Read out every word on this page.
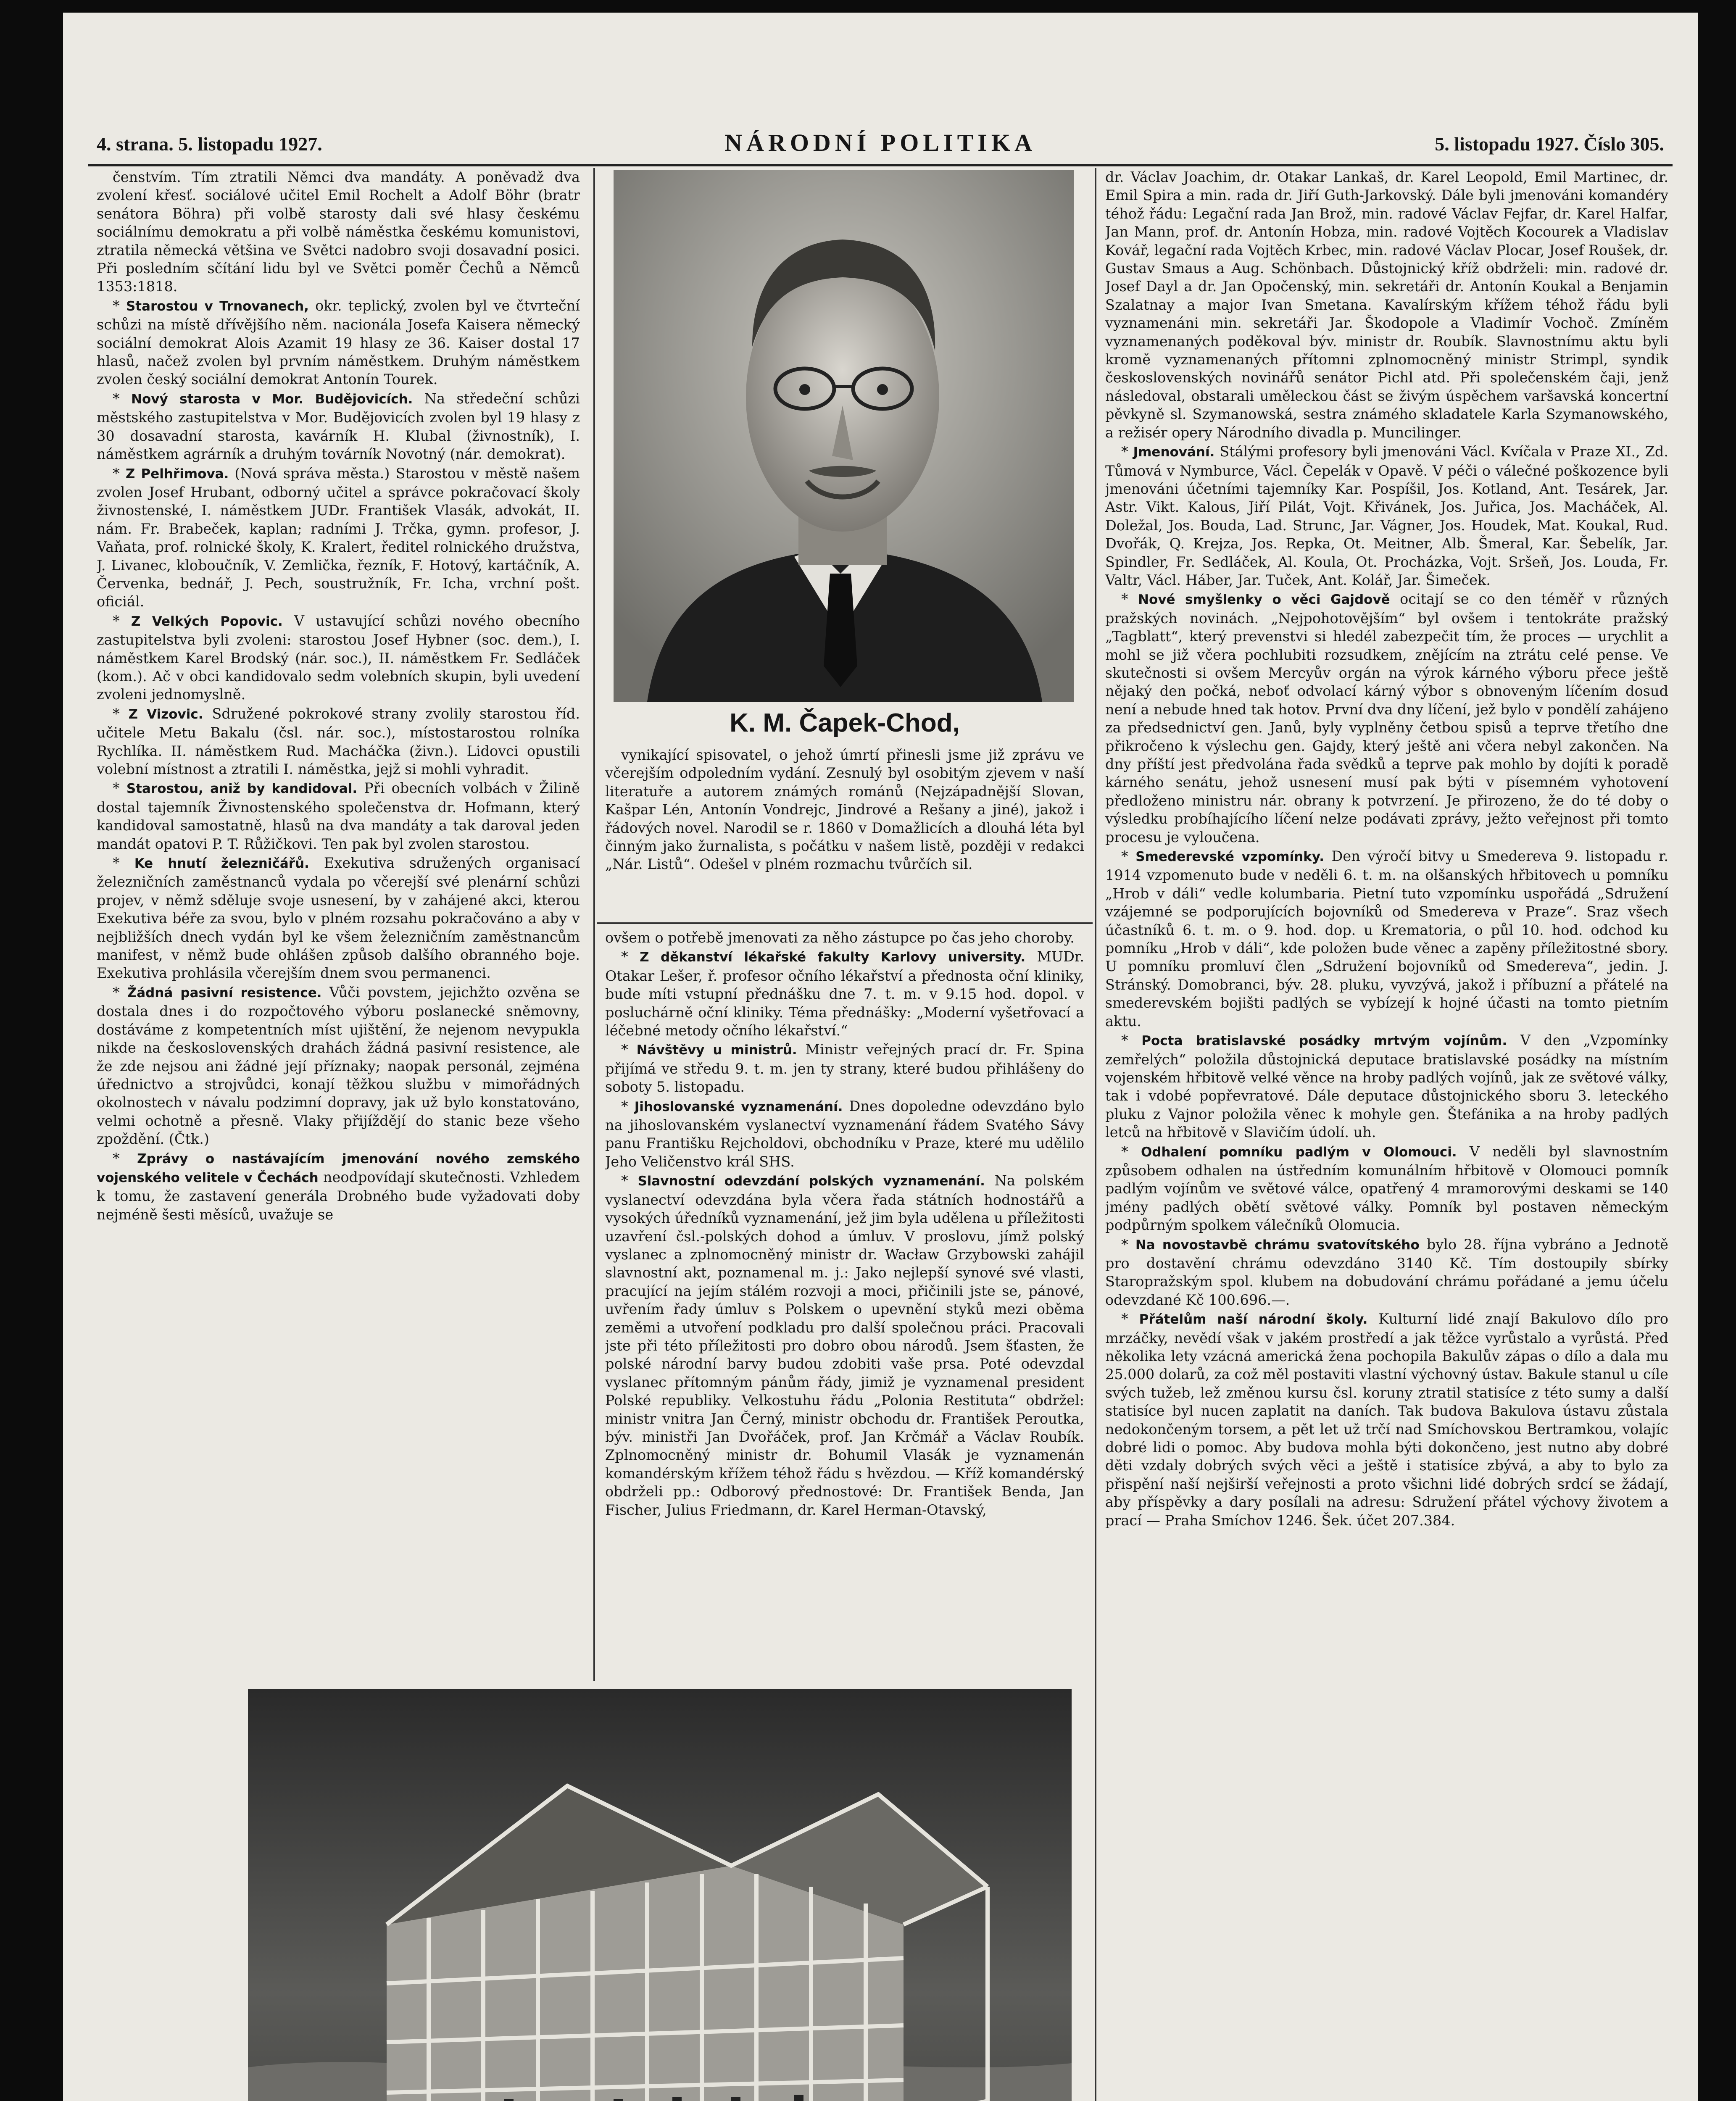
4. strana. 5. listopadu 1927.	NÁRODNÍ POLITIKA	5. listopadu 1927. Číslo 305.

čenstvím. Tím ztratili Němci dva mandáty. A poněvadž dva zvolení křesť. sociálové učitel Emil Rochelt a Adolf Böhr (bratr senátora Böhra) při volbě starosty dali své hlasy českému sociálnímu demokratu a při volbě náměstka českému komunistovi, ztratila německá většina ve Světci nadobro svoji dosavadní posici. Při posledním sčítání lidu byl ve Světci poměr Čechů a Němců 1353:1818.

* Starostou v Trnovanech, okr. teplický, zvolen byl ve čtvrteční schůzi na místě dřívějšího něm. nacionála Josefa Kaisera německý sociální demokrat Alois Azamit 19 hlasy ze 36. Kaiser dostal 17 hlasů, načež zvolen byl prvním náměstkem. Druhým náměstkem zvolen český sociální demokrat Antonín Tourek.

* Nový starosta v Mor. Budějovicích. Na středeční schůzi městského zastupitelstva v Mor. Budějovicích zvolen byl 19 hlasy z 30 dosavadní starosta, kavárník H. Klubal (živnostník), I. náměstkem agrárník a druhým továrník Novotný (nár. demokrat).

* Z Pelhřimova. (Nová správa města.) Starostou v městě našem zvolen Josef Hrubant, odborný učitel a správce pokračovací školy živnostenské, I. náměstkem JUDr. František Vlasák, advokát, II. nám. Fr. Brabeček, kaplan; radními J. Trčka, gymn. profesor, J. Vaňata, prof. rolnické školy, K. Kralert, ředitel rolnického družstva, J. Livanec, kloboučník, V. Zemlička, řezník, F. Hotový, kartáčník, A. Červenka, bednář, J. Pech, soustružník, Fr. Icha, vrchní pošt. oficiál.

* Z Velkých Popovic. V ustavující schůzi nového obecního zastupitelstva byli zvoleni: starostou Josef Hybner (soc. dem.), I. náměstkem Karel Brodský (nár. soc.), II. náměstkem Fr. Sedláček (kom.). Ač v obci kandidovalo sedm volebních skupin, byli uvedení zvoleni jednomyslně.

* Z Vizovic. Sdružené pokrokové strany zvolily starostou říd. učitele Metu Bakalu (čsl. nár. soc.), místostarostou rolníka Rychlíka. II. náměstkem Rud. Macháčka (živn.). Lidovci opustili volební místnost a ztratili I. náměstka, jejž si mohli vyhradit.

* Starostou, aniž by kandidoval. Při obecních volbách v Žilině dostal tajemník Živnostenského společenstva dr. Hofmann, který kandidoval samostatně, hlasů na dva mandáty a tak daroval jeden mandát opatovi P. T. Růžičkovi. Ten pak byl zvolen starostou.

* Ke hnutí železničářů. Exekutiva sdružených organisací železničních zaměstnanců vydala po včerejší své plenární schůzi projev, v němž sděluje svoje usnesení, by v zahájené akci, kterou Exekutiva béře za svou, bylo v plném rozsahu pokračováno a aby v nejbližších dnech vydán byl ke všem železničním zaměstnancům manifest, v němž bude ohlášen způsob dalšího obranného boje. Exekutiva prohlásila včerejším dnem svou permanenci.

* Žádná pasivní resistence. Vůči povstem, jejichžto ozvěna se dostala dnes i do rozpočtového výboru poslanecké sněmovny, dostáváme z kompetentních míst ujištění, že nejenom nevypukla nikde na československých drahách žádná pasivní resistence, ale že zde nejsou ani žádné její příznaky; naopak personál, zejména úřednictvo a strojvůdci, konají těžkou službu v mimořádných okolnostech v návalu podzimní dopravy, jak už bylo konstatováno, velmi ochotně a přesně. Vlaky přijíždějí do stanic beze všeho zpoždění. (Čtk.)

* Zprávy o nastávajícím jmenování nového zemského vojenského velitele v Čechách neodpovídají skutečnosti. Vzhledem k tomu, že zastavení generála Drobného bude vyžadovati doby nejméně šesti měsíců, uvažuje se

K. M. Čapek-Chod,
vynikající spisovatel, o jehož úmrtí přinesli jsme již zprávu ve včerejším odpoledním vydání. Zesnulý byl osobitým zjevem v naší literatuře a autorem známých románů (Nejzápadnější Slovan, Kašpar Lén, Antonín Vondrejc, Jindrové a Rešany a jiné), jakož i řádových novel. Narodil se r. 1860 v Domažlicích a dlouhá léta byl činným jako žurnalista, s počátku v našem listě, později v redakci „Nár. Listů“. Odešel v plném rozmachu tvůrčích sil.

ovšem o potřebě jmenovati za něho zástupce po čas jeho choroby.

* Z děkanství lékařské fakulty Karlovy university. MUDr. Otakar Lešer, ř. profesor očního lékařství a přednosta oční kliniky, bude míti vstupní přednášku dne 7. t. m. v 9.15 hod. dopol. v posluchárně oční kliniky. Téma přednášky: „Moderní vyšetřovací a léčebné metody očního lékařství.“

* Návštěvy u ministrů. Ministr veřejných prací dr. Fr. Spina přijímá ve středu 9. t. m. jen ty strany, které budou přihlášeny do soboty 5. listopadu.

* Jihoslovanské vyznamenání. Dnes dopoledne odevzdáno bylo na jihoslovanském vyslanectví vyznamenání řádem Svatého Sávy panu Františku Rejcholdovi, obchodníku v Praze, které mu udělilo Jeho Veličenstvo král SHS.

* Slavnostní odevzdání polských vyznamenání. Na polském vyslanectví odevzdána byla včera řada státních hodnostářů a vysokých úředníků vyznamenání, jež jim byla udělena u příležitosti uzavření čsl.-polských dohod a úmluv. V proslovu, jímž polský vyslanec a zplnomocněný ministr dr. Wacław Grzybowski zahájil slavnostní akt, poznamenal m. j.: Jako nejlepší synové své vlasti, pracující na jejím stálém rozvoji a moci, přičinili jste se, pánové, uvřením řady úmluv s Polskem o upevnění styků mezi oběma zeměmi a utvoření podkladu pro další společnou práci. Pracovali jste při této příležitosti pro dobro obou národů. Jsem šťasten, že polské národní barvy budou zdobiti vaše prsa. Poté odevzdal vyslanec přítomným pánům řády, jimiž je vyznamenal president Polské republiky. Velkostuhu řádu „Polonia Restituta“ obdržel: ministr vnitra Jan Černý, ministr obchodu dr. František Peroutka, býv. ministři Jan Dvořáček, prof. Jan Krčmář a Václav Roubík. Zplnomocněný ministr dr. Bohumil Vlasák je vyznamenán komandérským křížem téhož řádu s hvězdou. — Kříž komandérský obdrželi pp.: Odborový přednostové: Dr. František Benda, Jan Fischer, Julius Friedmann, dr. Karel Herman-Otavský,

dr. Václav Joachim, dr. Otakar Lankaš, dr. Karel Leopold, Emil Martinec, dr. Emil Spira a min. rada dr. Jiří Guth-Jarkovský. Dále byli jmenováni komandéry téhož řádu: Legační rada Jan Brož, min. radové Václav Fejfar, dr. Karel Halfar, Jan Mann, prof. dr. Antonín Hobza, min. radové Vojtěch Kocourek a Vladislav Kovář, legační rada Vojtěch Krbec, min. radové Václav Plocar, Josef Roušek, dr. Gustav Smaus a Aug. Schönbach. Důstojnický kříž obdrželi: min. radové dr. Josef Dayl a dr. Jan Opočenský, min. sekretáři dr. Antonín Koukal a Benjamin Szalatnay a major Ivan Smetana. Kavalírským křížem téhož řádu byli vyznamenáni min. sekretáři Jar. Škodopole a Vladimír Vochoč. Zmíněm vyznamenaných poděkoval býv. ministr dr. Roubík. Slavnostnímu aktu byli kromě vyznamenaných přítomni zplnomocněný ministr Strimpl, syndik československých novinářů senátor Pichl atd. Při společenském čaji, jenž následoval, obstarali uměleckou část se živým úspěchem varšavská koncertní pěvkyně sl. Szymanowská, sestra známého skladatele Karla Szymanowského, a režisér opery Národního divadla p. Muncilinger.

* Jmenování. Stálými profesory byli jmenováni Václ. Kvíčala v Praze XI., Zd. Tůmová v Nymburce, Václ. Čepelák v Opavě. V péči o válečné poškozence byli jmenováni účetními tajemníky Kar. Pospíšil, Jos. Kotland, Ant. Tesárek, Jar. Astr. Vikt. Kalous, Jiří Pilát, Vojt. Křivánek, Jos. Juřica, Jos. Macháček, Al. Doležal, Jos. Bouda, Lad. Strunc, Jar. Vágner, Jos. Houdek, Mat. Koukal, Rud. Dvořák, Q. Krejza, Jos. Repka, Ot. Meitner, Alb. Šmeral, Kar. Šebelík, Jar. Spindler, Fr. Sedláček, Al. Koula, Ot. Procházka, Vojt. Sršeň, Jos. Louda, Fr. Valtr, Václ. Háber, Jar. Tuček, Ant. Kolář, Jar. Šimeček.

* Nové smyšlenky o věci Gajdově ocitají se co den téměř v různých pražských novinách. „Nejpohotovějším“ byl ovšem i tentokráte pražský „Tagblatt“, který prevenstvi si hledél zabezpečit tím, že proces — urychlit a mohl se již včera pochlubiti rozsudkem, znějícím na ztrátu celé pense. Ve skutečnosti si ovšem Mercyův orgán na výrok kárného výboru přece ještě nějaký den počká, neboť odvolací kárný výbor s obnoveným líčením dosud není a nebude hned tak hotov. První dva dny líčení, jež bylo v pondělí zahájeno za předsednictví gen. Janů, byly vyplněny četbou spisů a teprve třetího dne přikročeno k výslechu gen. Gajdy, který ještě ani včera nebyl zakončen. Na dny příští jest předvolána řada svědků a teprve pak mohlo by dojíti k poradě kárného senátu, jehož usnesení musí pak býti v písemném vyhotovení předloženo ministru nár. obrany k potvrzení. Je přirozeno, že do té doby o výsledku probíhajícího líčení nelze podávati zprávy, ježto veřejnost při tomto procesu je vyloučena.

* Smederevské vzpomínky. Den výročí bitvy u Smedereva 9. listopadu r. 1914 vzpomenuto bude v neděli 6. t. m. na olšanských hřbitovech u pomníku „Hrob v dáli“ vedle kolumbaria. Pietní tuto vzpomínku uspořádá „Sdružení vzájemné se podporujících bojovníků od Smedereva v Praze“. Sraz všech účastníků 6. t. m. o 9. hod. dop. u Krematoria, o půl 10. hod. odchod ku pomníku „Hrob v dáli“, kde položen bude věnec a zapěny příležitostné sbory. U pomníku promluví člen „Sdružení bojovníků od Smedereva“, jedin. J. Stránský. Domobranci, býv. 28. pluku, vyvzývá, jakož i příbuzní a přátelé na smederevském bojišti padlých se vybízejí k hojné účasti na tomto pietním aktu.

* Pocta bratislavské posádky mrtvým vojínům. V den „Vzpomínky zemřelých“ položila důstojnická deputace bratislavské posádky na místním vojenském hřbitově velké věnce na hroby padlých vojínů, jak ze světové války, tak i vdobé popřevratové. Dále deputace důstojnického sboru 3. leteckého pluku z Vajnor položila věnec k mohyle gen. Štefánika a na hroby padlých letců na hřbitově v Slavičím údolí. uh.

* Odhalení pomníku padlým v Olomouci. V neděli byl slavnostním způsobem odhalen na ústředním komunálním hřbitově v Olomouci pomník padlým vojínům ve světové válce, opatřený 4 mramorovými deskami se 140 jmény padlých obětí světové války. Pomník byl postaven německým podpůrným spolkem válečníků Olomucia.

* Na novostavbě chrámu svatovítského bylo 28. října vybráno a Jednotě pro dostavění chrámu odevzdáno 3140 Kč. Tím dostoupily sbírky Staropražským spol. klubem na dobudování chrámu pořádané a jemu účelu odevzdané Kč 100.696.—.

* Přátelům naší národní školy. Kulturní lidé znají Bakulovo dílo pro mrzáčky, nevědí však v jakém prostředí a jak těžce vyrůstalo a vyrůstá. Před několika lety vzácná americká žena pochopila Bakulův zápas o dílo a dala mu 25.000 dolarů, za což měl postaviti vlastní výchovný ústav. Bakule stanul u cíle svých tužeb, lež změnou kursu čsl. koruny ztratil statisíce z této sumy a další statisíce byl nucen zaplatit na daních. Tak budova Bakulova ústavu zůstala nedokončeným torsem, a pět let už trčí nad Smíchovskou Bertramkou, volajíc dobré lidi o pomoc. Aby budova mohla býti dokončeno, jest nutno aby dobré děti vzdaly dobrých svých věci a ještě i statisíce zbývá, a aby to bylo za přispění naší nejširší veřejnosti a proto všichni lidé dobrých srdcí se žádají, aby příspěvky a dary posílali na adresu: Sdružení přátel výchovy životem a prací — Praha Smíchov 1246. Šek. účet 207.384.
